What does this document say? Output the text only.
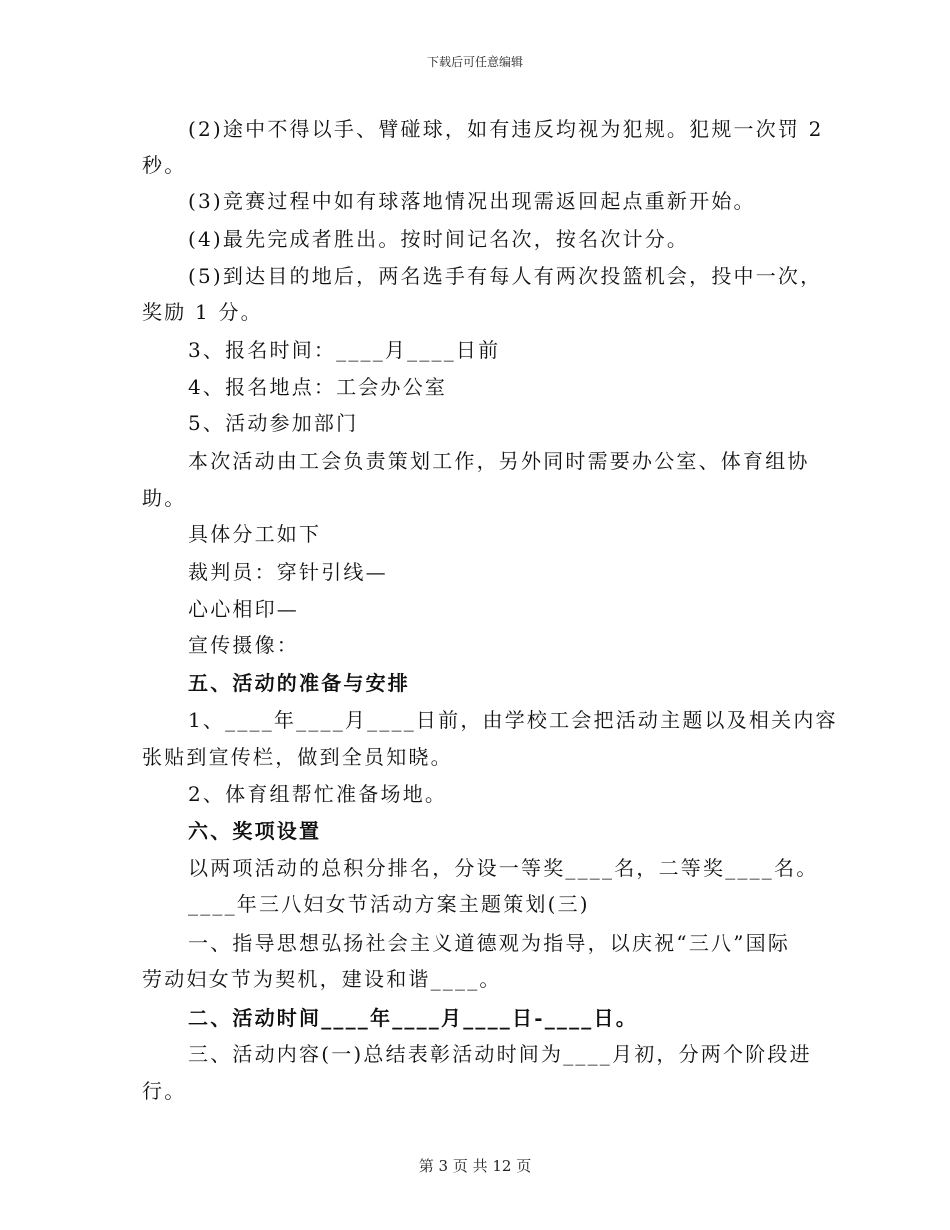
下载后可任意编辑
(2)途中不得以手、臂碰球，如有违反均视为犯规。犯规一次罚 2
秒。
(3)竞赛过程中如有球落地情况出现需返回起点重新开始。
(4)最先完成者胜出。按时间记名次，按名次计分。
(5)到达目的地后，两名选手有每人有两次投篮机会，投中一次，
奖励 1 分。
3、报名时间：____月____日前
4、报名地点：工会办公室
5、活动参加部门
本次活动由工会负责策划工作，另外同时需要办公室、体育组协
助。
具体分工如下
裁判员：穿针引线—
心心相印—
宣传摄像：
五、活动的准备与安排
1、____年____月____日前，由学校工会把活动主题以及相关内容
张贴到宣传栏，做到全员知晓。
2、体育组帮忙准备场地。
六、奖项设置
以两项活动的总积分排名，分设一等奖____名，二等奖____名。
____年三八妇女节活动方案主题策划(三)
一、指导思想弘扬社会主义道德观为指导，以庆祝“三八”国际
劳动妇女节为契机，建设和谐____。
二、活动时间____年____月____日-____日。
三、活动内容(一)总结表彰活动时间为____月初，分两个阶段进
行。
第 3 页 共 12 页
